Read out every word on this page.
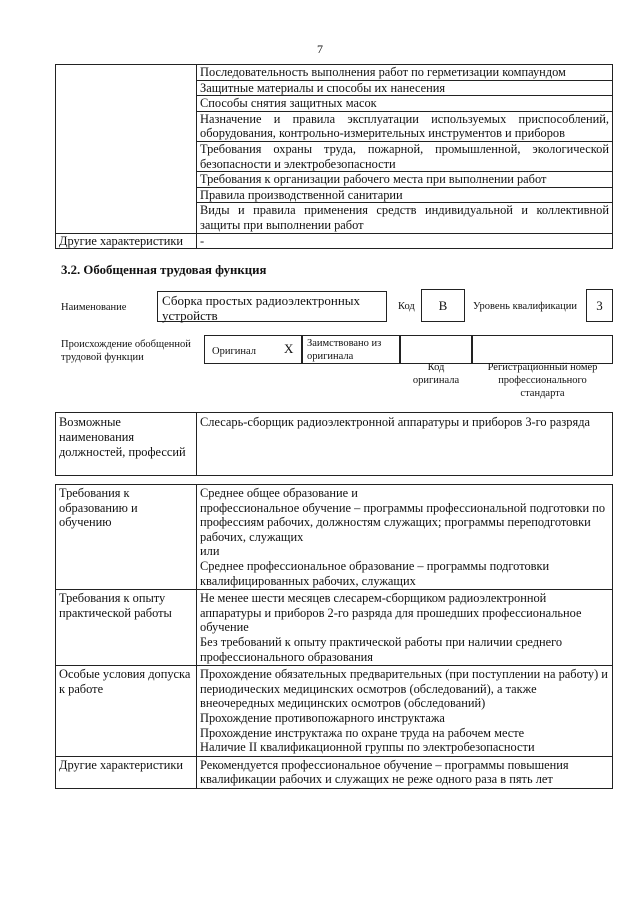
7
	Последовательность выполнения работ по герметизации компаундом
	Защитные материалы и способы их нанесения
	Способы снятия защитных масок
	Назначение и правила эксплуатации используемых приспособлений, оборудования, контрольно-измерительных инструментов и приборов
	Требования охраны труда, пожарной, промышленной, экологической безопасности и электробезопасности
	Требования к организации рабочего места при выполнении работ
	Правила производственной санитарии
	Виды и правила применения средств индивидуальной и коллективной защиты при выполнении работ
Другие характеристики	-
3.2. Обобщенная трудовая функция
Наименование	Сборка простых радиоэлектронных устройств
Код	В	Уровень квалификации	3
Происхождение обобщенной трудовой функции
Оригинал Х Заимствовано из оригинала
Код оригинала
Регистрационный номер профессионального стандарта
Возможные наименования должностей, профессий	Слесарь-сборщик радиоэлектронной аппаратуры и приборов 3-го разряда
Требования к образованию и обучению	Среднее общее образование и
профессиональное обучение – программы профессиональной подготовки по профессиям рабочих, должностям служащих; программы переподготовки рабочих, служащих
или
Среднее профессиональное образование – программы подготовки квалифицированных рабочих, служащих

Требования к опыту практической работы	Не менее шести месяцев слесарем-сборщиком радиоэлектронной аппаратуры и приборов 2-го разряда для прошедших профессиональное обучение
Без требований к опыту практической работы при наличии среднего профессионального образования

Особые условия допуска к работе	Прохождение обязательных предварительных (при поступлении на работу) и периодических медицинских осмотров (обследований), а также внеочередных медицинских осмотров (обследований)
Прохождение противопожарного инструктажа
Прохождение инструктажа по охране труда на рабочем месте
Наличие II квалификационной группы по электробезопасности

Другие характеристики	Рекомендуется профессиональное обучение – программы повышения квалификации рабочих и служащих не реже одного раза в пять лет
